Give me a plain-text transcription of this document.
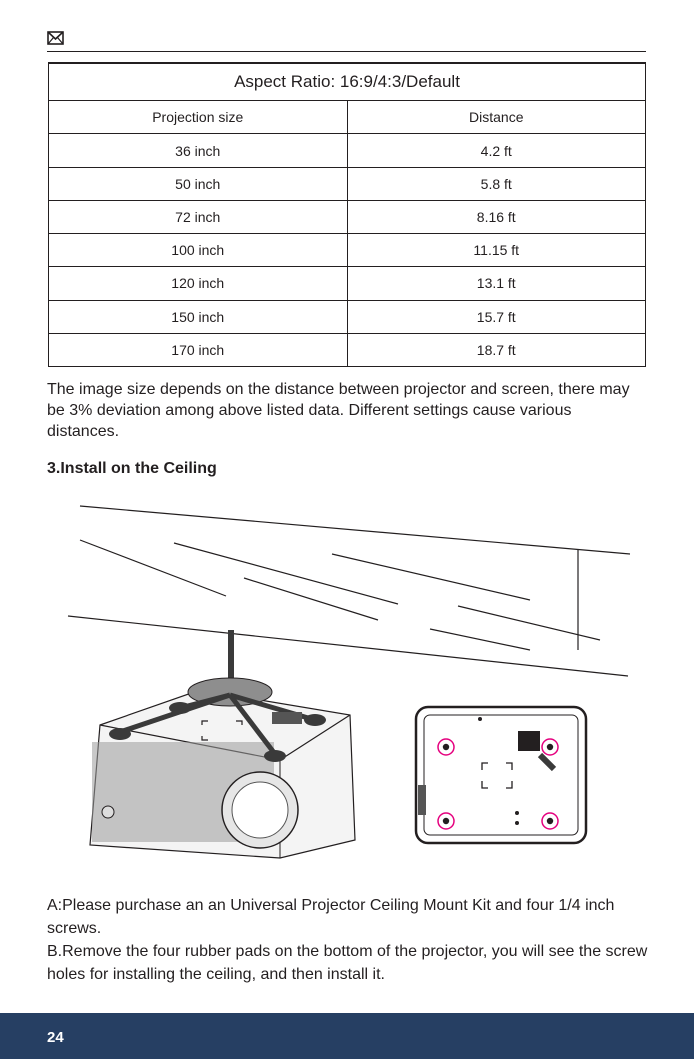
Aspect Ratio: 16:9/4:3/Default	
Projection size	Distance
36 inch	4.2 ft
50 inch	5.8 ft
72 inch	8.16 ft
100 inch	11.15 ft
120 inch	13.1 ft
150 inch	15.7 ft
170 inch	18.7 ft

The image size depends on the distance between projector and screen, there may be 3% deviation among above listed data. Different settings cause various distances.

3.Install on the Ceiling

A:Please purchase an an Universal Projector Ceiling Mount Kit and four 1/4 inch screws.

B.Remove the four rubber pads on the bottom of the projector, you will see the screw holes for installing the ceiling, and then install it.

24
